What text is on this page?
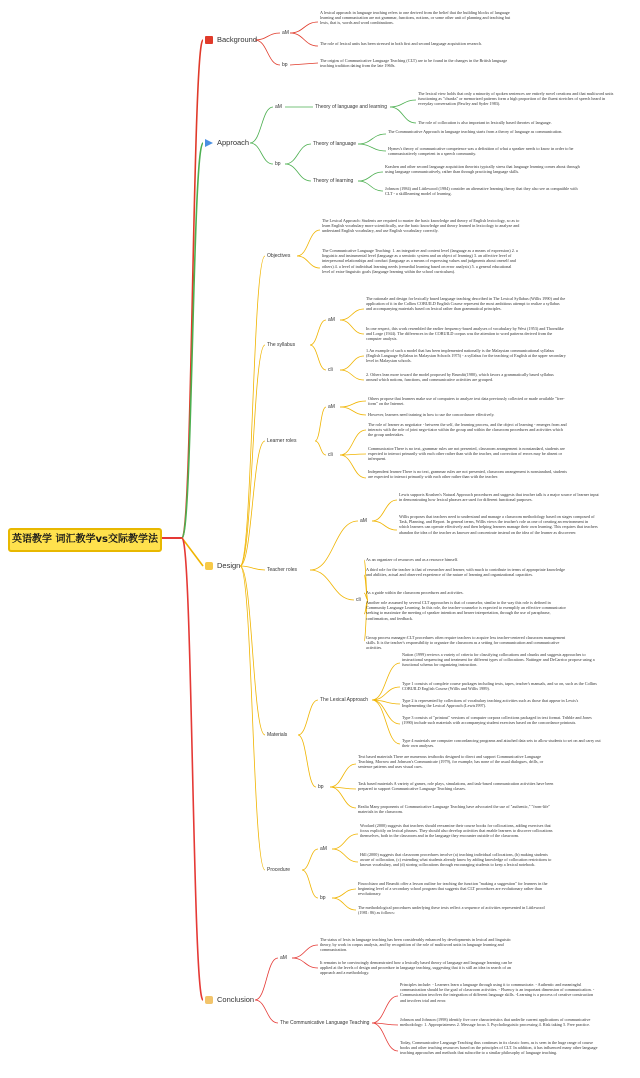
英语教学 词汇教学vs交际教学法
Background
aM
bp
A lexical approach in language teaching refers to one derived from the belief that the building blocks of language learning and communication are not grammar, functions, notions, or some other unit of planning and teaching but lexis, that is, words and word combinations.
The role of lexical units has been stressed in both first and second language acquisition research.
The origins of Communicative Language Teaching (CLT) are to be found in the changes in the British language teaching tradition dating from the late 1960s.
Approach
aM
bp
Theory of language and learning
Theory of language
Theory of learning
The lexical view holds that only a minority of spoken sentences are entirely novel creations and that multiword units functioning as "chunks" or memorized patterns form a high proportion of the fluent stretches of speech heard in everyday conversation (Pawley and Syder 1983).
The role of collocation is also important in lexically based theories of language.
The Communicative Approach in language teaching starts from a theory of language as communication.
Hymes's theory of communicative competence was a definition of what a speaker needs to know in order to be communicatively competent in a speech community.
Krashen and other second language acquisition theorists typically stress that language learning comes about through using language communicatively, rather than through practicing language skills.
Johnson (1984) and Littlewood (1984) consider an alternative learning theory that they also see as compatible with CLT - a skilllearning model of learning.
Design
Objectives
The Lexical Approach: Students are required to master the basic knowledge and theory of English lexicology, so as to learn English vocabulary more scientifically, use the basic knowledge and theory learned in lexicology to analyze and understand English vocabulary, and use English vocabulary correctly.
The Communicative Language Teaching: 1. an integrative and content level (language as a means of expression) 2. a linguistic and instrumental level (language as a semiotic system and an object of learning) 3. an affective level of interpersonal relationships and conduct (language as a means of expressing values and judgments about oneself and others) 4. a level of individual learning needs (remedial learning based on error analysis) 5. a general educational level of extra-linguistic goals (language learning within the school curriculum).
The syllabus
aM
cli
The rationale and design for lexically based language teaching described in The Lexical Syllabus (Willis 1990) and the application of it in the Collins COBUILD English Course represent the most ambitious attempt to realize a syllabus and accompanying materials based on lexical rather than grammatical principles.
In one respect, this work resembled the earlier frequency-based analyses of vocabulary by West (1953) and Thorndike and Lorge (1944). The differences in the COBUILD corpus was the attention to word patterns derived from the computer analysis.
1.An example of such a model that has been implemented nationally is the Malaysian communicational syllabus (English Language Syllabus in Malaysian Schools 1975) - a syllabus for the teaching of English at the upper secondary level in Malaysian schools.
2. Others lean more toward the model proposed by Brumfit(1980), which favors a grammatically based syllabus around which notions, functions, and communicative activities are grouped.
Learner roles
aM
cli
Others propose that learners make use of computers to analyze text data previously collected or made available "free-form" on the Internet.
However, learners need training in how to use the concordancer effectively.
The role of learner as negotiator - between the self, the learning process, and the object of learning - emerges from and interacts with the role of joint nego-tiator within the group and within the classroom procedures and activities which the group undertakes.
Communicator:There is no text, grammar rules are not presented, classroom arrangement is nonstandard, students are expected to interact primarily with each other rather than with the teacher, and correction of errors may be absent or infrequent.
Independent learner:There is no text, grammar rules are not presented, classroom arrangement is nonstandard, students are expected to interact primarily with each other rather than with the teacher.
Teacher roles
aM
cli
Lewis supports Krashen's Natural Approach procedures and suggests that teacher talk is a major source of learner input in demonstrating how lexical phrases are used for different functional purposes.
Willis proposes that teachers need to understand and manage a classroom methodology based on stages composed of Task, Planning, and Report. In general terms, Willis views the teacher's role as one of creating an environment in which learners can operate effectively and then helping learners manage their own learning. This requires that teachers abandon the idea of the teacher as knower and concentrate instead on the idea of the learner as discoverer.
As an organizer of resources and as a resource himself.
A third role for the teacher is that of researcher and learner, with much to contribute in terms of appropriate knowledge and abilities, actual and observed experience of the nature of learning and organizational capacities.
As a guide within the classroom procedures and activities.
Another role assumed by several CLT approaches is that of counselor, similar to the way this role is defined in Community Language Learning. In this role, the teacher-counselor is expected to exemplify an effective communicator seeking to maximize the meeting of speaker intention and hearer interpretation, through the use of paraphrase, confirmation, and feedback.
Group process manager:CLT procedures often require teachers to acquire less teacher-centered classroom management skills. It is the teacher's responsibility to organize the classroom as a setting for communication and communicative activities.
Materials
The Lexical Approach
bp
Nation (1999) reviews a variety of criteria for classifying collocations and chunks and suggests approaches to instructional sequencing and treatment for different types of collocations. Nattinger and DeCarrico propose using a functional schema for organizing instruction.
Type 1 consists of complete course packages including texts, tapes, teacher's manuals, and so on, such as the Collins COBUILD English Course (Willis and Willis 1989).
Type 2 is represented by collections of vocabulary teaching activities such as those that appear in Lewis's Implementing the Lexical Approach (Lewis1997).
Type 3 consists of "printout" versions of computer corpora collections packaged in text format. Tribble and Jones (1990) include such materials with accompanying student exercises based on the concordance printouts.
Type 4 materials are computer concordancing programs and attached data sets to allow students to set on and carry out their own analyses.
Text based materials There are numerous textbooks designed to direct and support Communicative Language Teaching. Morrow and Johnson's Communicate (1979), for example, has none of the usual dialogues, drills, or sentence patterns and uses visual cues.
Task based materials A variety of games, role plays, simulations, and task-based communication activities have been prepared to support Communicative Language Teaching classes.
Realia Many proponents of Communicative Language Teaching have advocated the use of "authentic," "from-life" materials in the classroom.
Procedure
aM
bp
Woolard (2000) suggests that teachers should reexamine their course books for collocations, adding exercises that focus explicitly on lexical phrases. They should also develop activities that enable learners to discover collocations themselves, both in the classroom and in the language they encounter outside of the classroom.
Hill (2000) suggests that classroom procedures involve (a) teaching individual collocations, (b) making students aware of collocation, (c) extending what students already know by adding knowledge of collocation restrictions to known vocabulary, and (d) storing collocations through encouraging students to keep a lexical notebook.
Finocchiaro and Brumfit offer a lesson outline for teaching the function "making a suggestion" for learners in the beginning level of a secondary school program that suggests that CLT procedures are evolutionary rather than revolutionary.
The methodological procedures underlying these texts reflect a sequence of activities represented in Littlewood (1981: 86) as follows:
Conclusion
aM
The Communicative Language Teaching
The status of lexis in language teaching has been considerably enhanced by developments in lexical and linguistic theory, by work in corpus analysis, and by recognition of the role of multiword units in language learning and communication.
It remains to be convincingly demonstrated how a lexically based theory of language and language learning can be applied at the levels of design and procedure in language teaching, suggesting that it is still an idea in search of an approach and a methodology.
Principles include: - Learners learn a language through using it to communicate. - Authentic and meaningful communication should be the goal of classroom activities. - Fluency is an important dimension of communication. - Communication involves the integration of different language skills. -Learning is a process of creative construction and involves trial and error.
Johnson and Johnson (1998) identify five core characteristics that underlie current applications of communicative methodology: 1. Appropriateness 2. Message focus 3. Psycholinguistic processing 4. Risk taking 5. Free practice.
Today, Communicative Language Teaching thus continues in its classic form, as is seen in the huge range of course books and other teaching resources based on the principles of CLT. In addition, it has influenced many other language teaching approaches and methods that subscribe to a similar philosophy of language teaching.
